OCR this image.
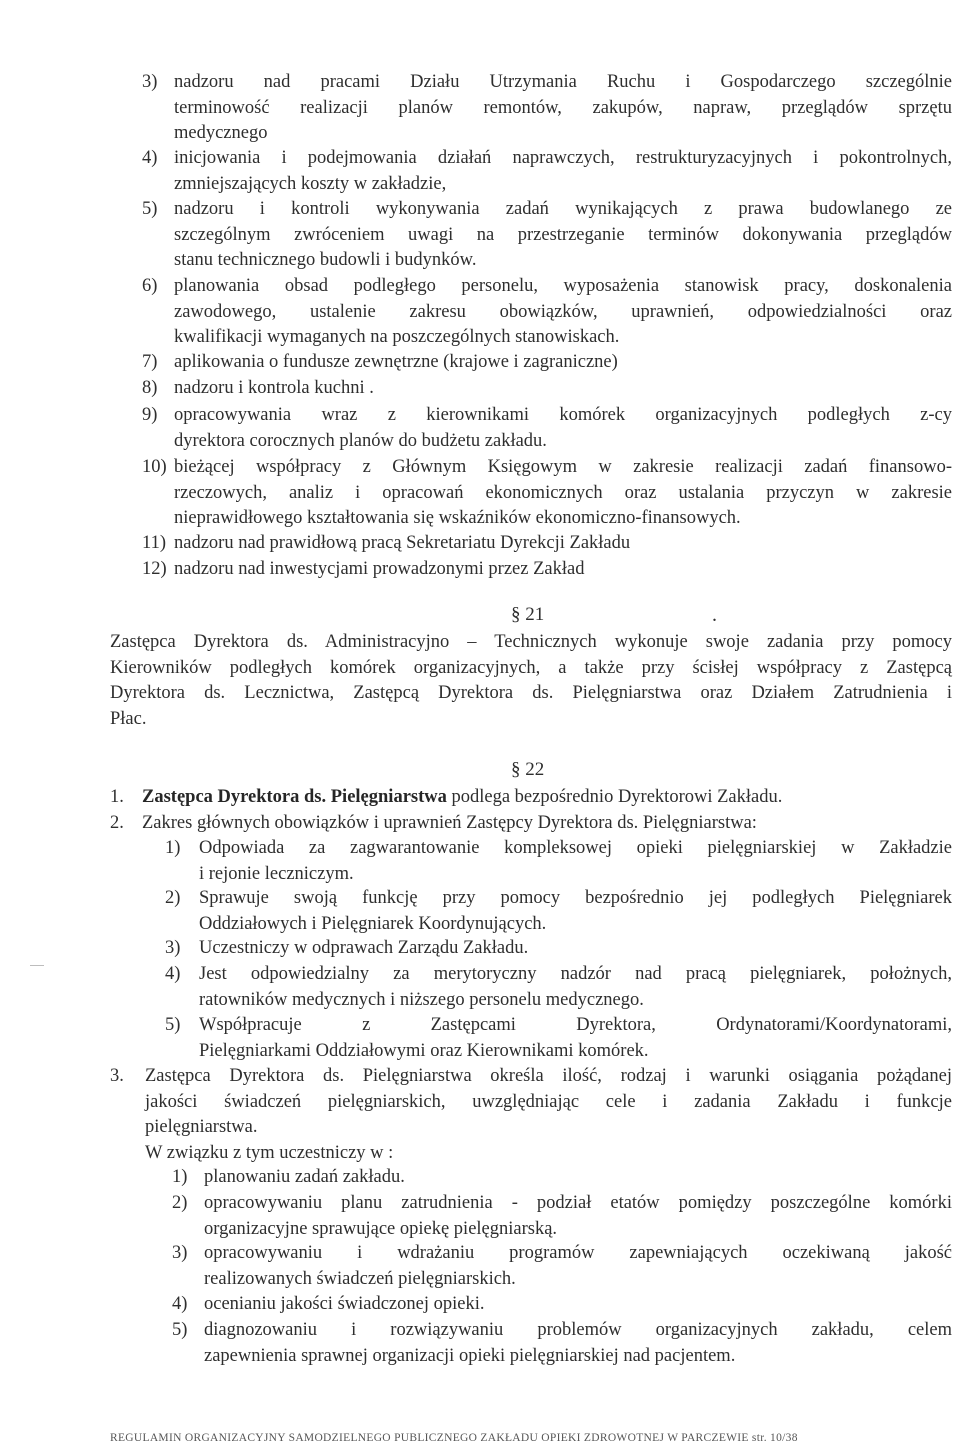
3) nadzoru nad pracami Działu Utrzymania Ruchu i Gospodarczego szczególnie
terminowość realizacji planów remontów, zakupów, napraw, przeglądów sprzętu
medycznego
4) inicjowania i podejmowania działań naprawczych, restrukturyzacyjnych i pokontrolnych,
zmniejszających koszty w zakładzie,
5) nadzoru i kontroli wykonywania zadań wynikających z prawa budowlanego ze
szczególnym zwróceniem uwagi na przestrzeganie terminów dokonywania przeglądów
stanu technicznego budowli i budynków.
6) planowania obsad podległego personelu, wyposażenia stanowisk pracy, doskonalenia
zawodowego, ustalenie zakresu obowiązków, uprawnień, odpowiedzialności oraz
kwalifikacji wymaganych na poszczególnych stanowiskach.
7) aplikowania o fundusze zewnętrzne (krajowe i zagraniczne)
8) nadzoru i kontrola kuchni .
9) opracowywania wraz z kierownikami komórek organizacyjnych podległych z-cy
dyrektora corocznych planów do budżetu zakładu.
10) bieżącej współpracy z Głównym Księgowym w zakresie realizacji zadań finansowo-
rzeczowych, analiz i opracowań ekonomicznych oraz ustalania przyczyn w zakresie
nieprawidłowego kształtowania się wskaźników ekonomiczno-finansowych.
11) nadzoru nad prawidłową pracą Sekretariatu Dyrekcji Zakładu
12) nadzoru nad inwestycjami prowadzonymi przez Zakład
§ 21	.
Zastępca Dyrektora ds. Administracyjno – Technicznych wykonuje swoje zadania przy pomocy
Kierowników podległych komórek organizacyjnych, a także przy ścisłej współpracy z Zastępcą
Dyrektora ds. Lecznictwa, Zastępcą Dyrektora ds. Pielęgniarstwa oraz Działem Zatrudnienia i
Płac.
§ 22
1. Zastępca Dyrektora ds. Pielęgniarstwa podlega bezpośrednio Dyrektorowi Zakładu.
2. Zakres głównych obowiązków i uprawnień Zastępcy Dyrektora ds. Pielęgniarstwa:
1) Odpowiada za zagwarantowanie kompleksowej opieki pielęgniarskiej w Zakładzie
i rejonie leczniczym.
2) Sprawuje swoją funkcję przy pomocy bezpośrednio jej podległych Pielęgniarek
Oddziałowych i Pielęgniarek Koordynujących.
3) Uczestniczy w odprawach Zarządu Zakładu.
4) Jest odpowiedzialny za merytoryczny nadzór nad pracą pielęgniarek, położnych,
ratowników medycznych i niższego personelu medycznego.
5) Współpracuje z Zastępcami Dyrektora, Ordynatorami/Koordynatorami,
Pielęgniarkami Oddziałowymi oraz Kierownikami komórek.
3. Zastępca Dyrektora ds. Pielęgniarstwa określa ilość, rodzaj i warunki osiągania pożądanej
jakości świadczeń pielęgniarskich, uwzględniając cele i zadania Zakładu i funkcje
pielęgniarstwa.
W związku z tym uczestniczy w :
1) planowaniu zadań zakładu.
2) opracowywaniu planu zatrudnienia - podział etatów pomiędzy poszczególne komórki
organizacyjne sprawujące opiekę pielęgniarską.
3) opracowywaniu i wdrażaniu programów zapewniających oczekiwaną jakość
realizowanych świadczeń pielęgniarskich.
4) ocenianiu jakości świadczonej opieki.
5) diagnozowaniu i rozwiązywaniu problemów organizacyjnych zakładu, celem
zapewnienia sprawnej organizacji opieki pielęgniarskiej nad pacjentem.
REGULAMIN ORGANIZACYJNY SAMODZIELNEGO PUBLICZNEGO ZAKŁADU OPIEKI ZDROWOTNEJ W PARCZEWIE str. 10/38
